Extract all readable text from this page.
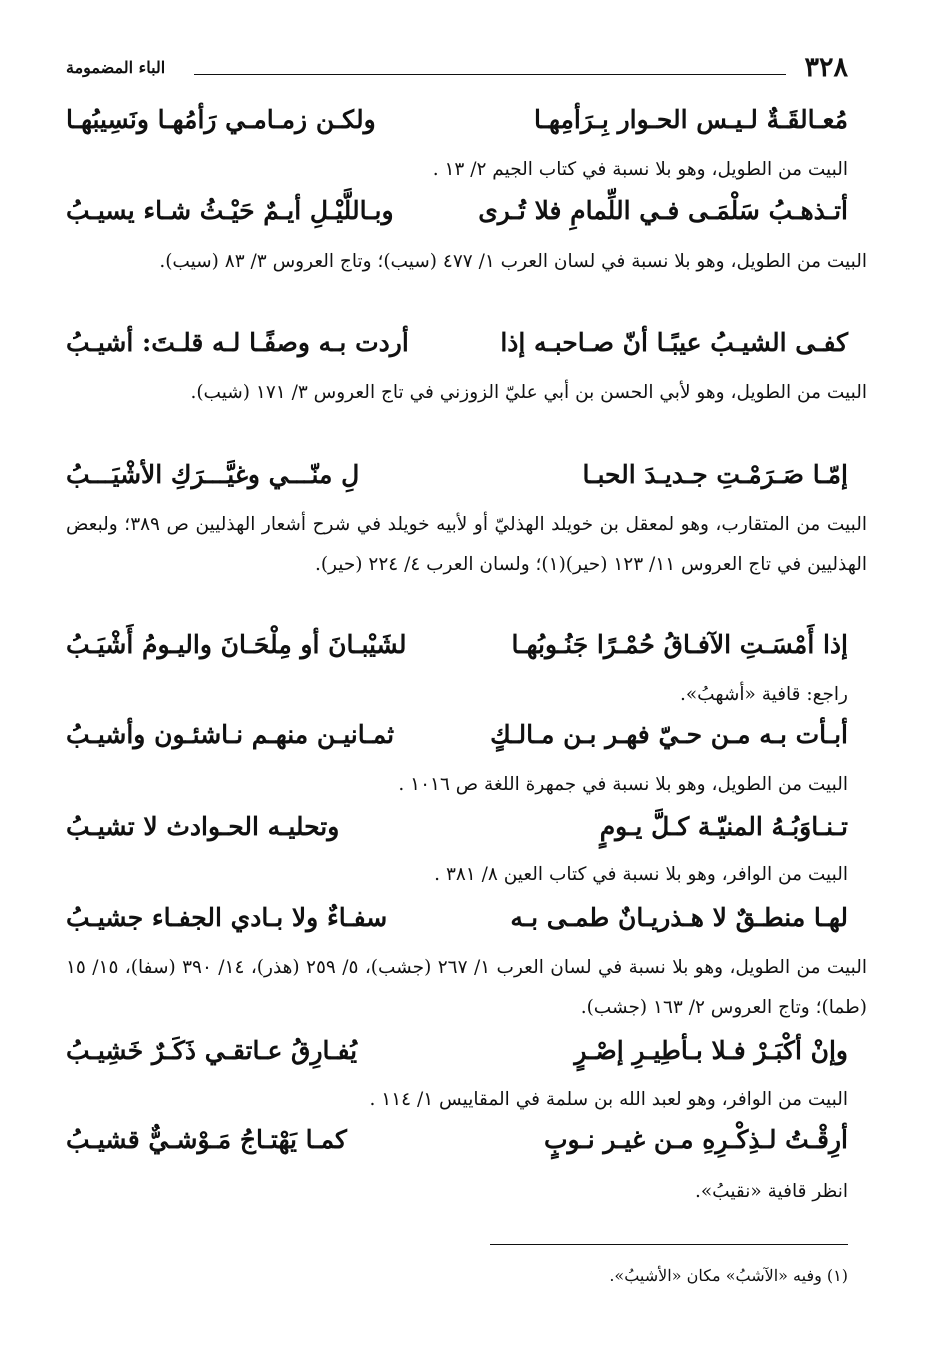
٣٢٨
الباء المضمومة
مُعـالقَـةٌ لـيـس الحـوار بِـرَأمِهـا
ولكـن زمـامـي رَأمُهـا ونَسِيبُهـا
البيت من الطويل، وهو بلا نسبة في كتاب الجيم ٢/ ١٣ .
أتـذهـبُ سَلْمَـى فـي اللِّمامِ فلا تُـرى
وبـاللَّيْـلِ أيـمٌ حَيْـثُ شـاء يسيـبُ
البيت من الطويل، وهو بلا نسبة في لسان العرب ١/ ٤٧٧ (سيب)؛ وتاج العروس ٣/ ٨٣ (سيب).
كفـى الشيـبُ عيبًـا أنّ صـاحبـه إذا
أردت بـه وصفًـا لـه قلـتَ: أشيـبُ
البيت من الطويل، وهو لأبي الحسن بن أبي عليّ الزوزني في تاج العروس ٣/ ١٧١ (شيب).
إمّـا صَـرَمْـتِ جـديـدَ الحبـا
لِ منّـــي وغيَّـــرَكِ الأشْيَـــبُ
البيت من المتقارب، وهو لمعقل بن خويلد الهذليّ أو لأبيه خويلد في شرح أشعار الهذليين ص ٣٨٩؛ ولبعض الهذليين في تاج العروس ١١/ ١٢٣ (حير)(١)؛ ولسان العرب ٤/ ٢٢٤ (حير).
إذا أَمْسَـتِ الآفـاقُ حُمْـرًا جَنُـوبُهـا
لشَيْبـانَ أو مِلْحَـانَ واليـومُ أَشْيَـبُ
راجع: قافية «أشهبُ».
أبـأت بـه مـن حـيّ فهـر بـن مـالـكٍ
ثمـانيـن منهـم نـاشئـون وأشيـبُ
البيت من الطويل، وهو بلا نسبة في جمهرة اللغة ص ١٠١٦ .
تـنـاوَبُـهُ المنيّـة كـلَّ يـومٍ
وتحليـه الحـوادث لا تشيـبُ
البيت من الوافر، وهو بلا نسبة في كتاب العين ٨/ ٣٨١ .
لهـا منطـقٌ لا هـذريـانٌ طمـى بـه
سفـاءٌ ولا بـادي الجفـاء جشيـبُ
البيت من الطويل، وهو بلا نسبة في لسان العرب ١/ ٢٦٧ (جشب)، ٥/ ٢٥٩ (هذر)، ١٤/ ٣٩٠ (سفا)، ١٥/ ١٥ (طما)؛ وتاج العروس ٢/ ١٦٣ (جشب).
وإنْ أكْبَـرْ فـلا بـأطِيـرِ إصْـرٍ
يُفـارِقُ عـاتقـي ذَكَـرٌ خَشِيـبُ
البيت من الوافر، وهو لعبد الله بن سلمة في المقاييس ١/ ١١٤ .
أرِقْـتُ لـذِكْـرِهِ مـن غيـر نـوبٍ
كمـا يَهْتـاجُ مَـوْشـيٌّ قشيـبُ
انظر قافية «نقيبُ».
(١) وفيه «الآشبُ» مكان «الأشيبُ».
